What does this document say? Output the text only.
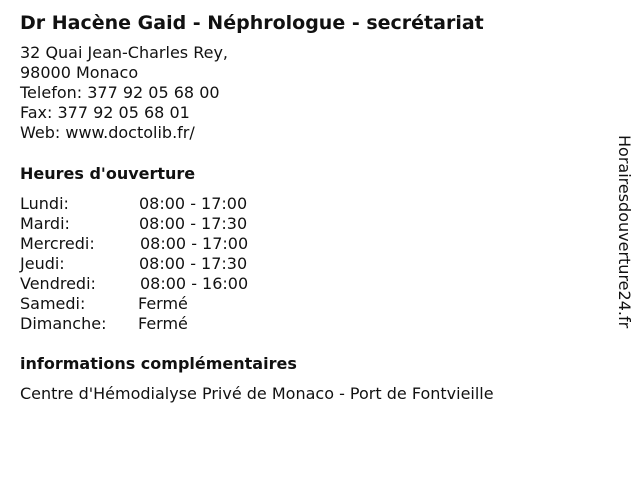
Dr Hacène Gaid - Néphrologue - secrétariat
32 Quai Jean-Charles Rey,
98000 Monaco
Telefon: 377 92 05 68 00
Fax: 377 92 05 68 01
Web: www.doctolib.fr/
Heures d'ouverture
Lundi:	08:00 - 17:00
Mardi:	08:00 - 17:30
Mercredi:	08:00 - 17:00
Jeudi:	08:00 - 17:30
Vendredi:	08:00 - 16:00
Samedi:	Fermé
Dimanche: Fermé
informations complémentaires
Centre d'Hémodialyse Privé de Monaco - Port de Fontvieille
Horairesdouverture24.fr
